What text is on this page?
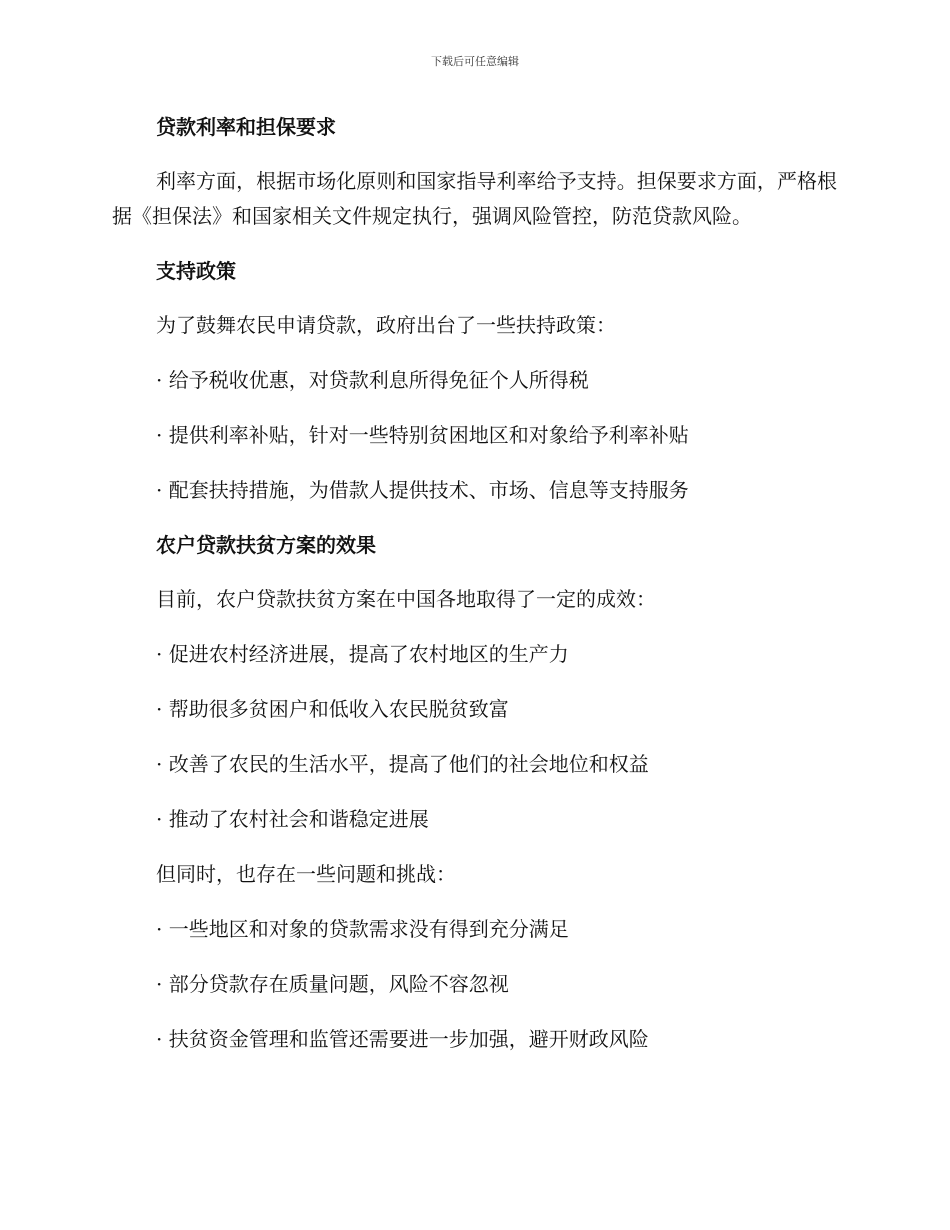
下载后可任意编辑
贷款利率和担保要求
利率方面，根据市场化原则和国家指导利率给予支持。担保要求方面，严格根据《担保法》和国家相关文件规定执行，强调风险管控，防范贷款风险。
支持政策
为了鼓舞农民申请贷款，政府出台了一些扶持政策：
· 给予税收优惠，对贷款利息所得免征个人所得税
· 提供利率补贴，针对一些特别贫困地区和对象给予利率补贴
· 配套扶持措施，为借款人提供技术、市场、信息等支持服务
农户贷款扶贫方案的效果
目前，农户贷款扶贫方案在中国各地取得了一定的成效：
· 促进农村经济进展，提高了农村地区的生产力
· 帮助很多贫困户和低收入农民脱贫致富
· 改善了农民的生活水平，提高了他们的社会地位和权益
· 推动了农村社会和谐稳定进展
但同时，也存在一些问题和挑战：
· 一些地区和对象的贷款需求没有得到充分满足
· 部分贷款存在质量问题，风险不容忽视
· 扶贫资金管理和监管还需要进一步加强，避开财政风险
